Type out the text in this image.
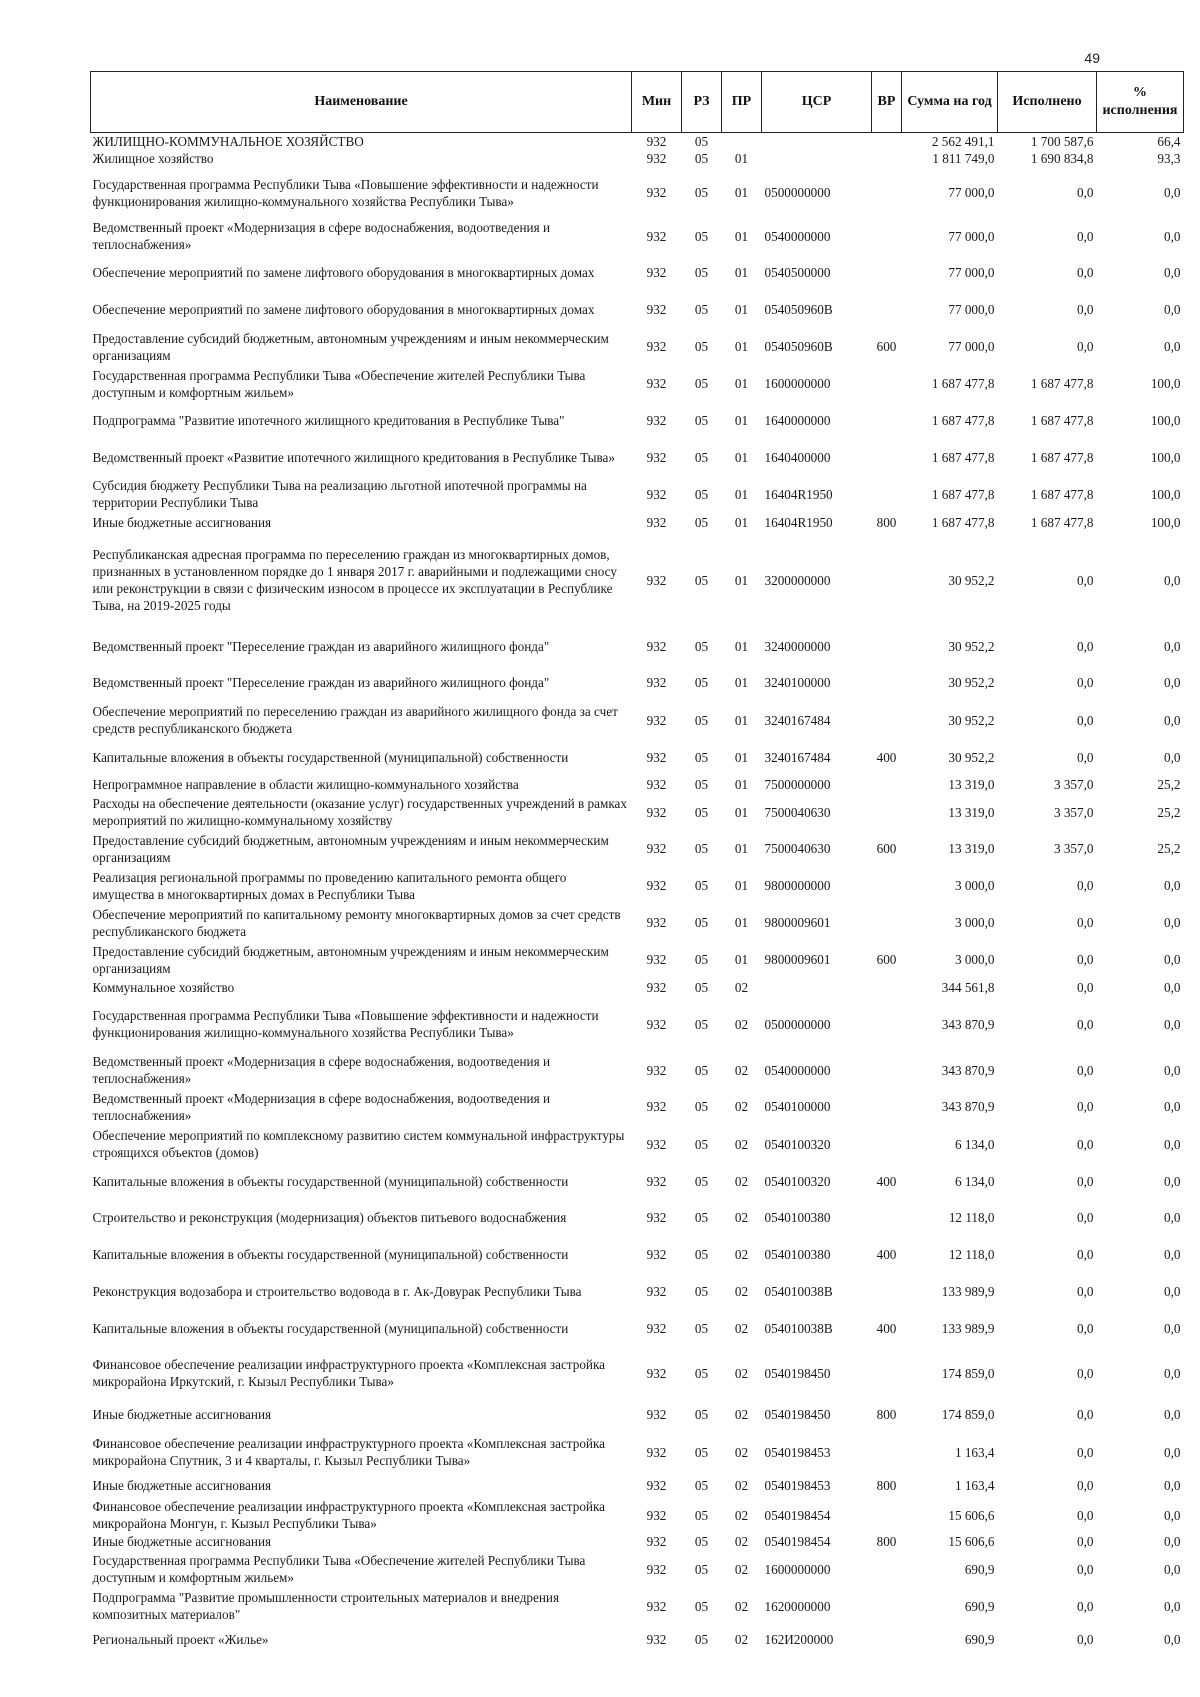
49
Наименование	Мин	РЗ	ПР	ЦСР	ВР	Сумма на год	Исполнено	% исполнения
ЖИЛИЩНО-КОММУНАЛЬНОЕ ХОЗЯЙСТВО	932	05				2 562 491,1	1 700 587,6	66,4
Жилищное хозяйство	932	05	01			1 811 749,0	1 690 834,8	93,3
Государственная программа Республики Тыва «Повышение эффективности и надежности функционирования жилищно-коммунального хозяйства Республики Тыва»	932	05	01	0500000000		77 000,0	0,0	0,0
Ведомственный проект «Модернизация в сфере водоснабжения, водоотведения и теплоснабжения»	932	05	01	0540000000		77 000,0	0,0	0,0
Обеспечение мероприятий по замене лифтового оборудования в многоквартирных домах	932	05	01	0540500000		77 000,0	0,0	0,0
Обеспечение мероприятий по замене лифтового оборудования в многоквартирных домах	932	05	01	054050960В		77 000,0	0,0	0,0
Предоставление субсидий бюджетным, автономным учреждениям и иным некоммерческим организациям	932	05	01	054050960В	600	77 000,0	0,0	0,0
Государственная программа Республики Тыва «Обеспечение жителей Республики Тыва доступным и комфортным жильем»	932	05	01	1600000000		1 687 477,8	1 687 477,8	100,0
Подпрограмма "Развитие ипотечного жилищного кредитования в Республике Тыва"	932	05	01	1640000000		1 687 477,8	1 687 477,8	100,0
Ведомственный проект «Развитие ипотечного жилищного кредитования в Республике Тыва»	932	05	01	1640400000		1 687 477,8	1 687 477,8	100,0
Субсидия бюджету Республики Тыва на реализацию льготной ипотечной программы на территории Республики Тыва	932	05	01	16404R1950		1 687 477,8	1 687 477,8	100,0
Иные бюджетные ассигнования	932	05	01	16404R1950	800	1 687 477,8	1 687 477,8	100,0
Республиканская адресная программа по переселению граждан из многоквартирных домов, признанных в установленном порядке до 1 января 2017 г. аварийными и подлежащими сносу или реконструкции в связи с физическим износом в процессе их эксплуатации в Республике Тыва, на 2019-2025 годы	932	05	01	3200000000		30 952,2	0,0	0,0
Ведомственный проект "Переселение граждан из аварийного жилищного фонда"	932	05	01	3240000000		30 952,2	0,0	0,0
Ведомственный проект "Переселение граждан из аварийного жилищного фонда"	932	05	01	3240100000		30 952,2	0,0	0,0
Обеспечение мероприятий по переселению граждан из аварийного жилищного фонда за счет средств республиканского бюджета	932	05	01	3240167484		30 952,2	0,0	0,0
Капитальные вложения в объекты государственной (муниципальной) собственности	932	05	01	3240167484	400	30 952,2	0,0	0,0
Непрограммное направление в области жилищно-коммунального хозяйства	932	05	01	7500000000		13 319,0	3 357,0	25,2
Расходы на обеспечение деятельности (оказание услуг) государственных учреждений в рамках мероприятий по жилищно-коммунальному хозяйству	932	05	01	7500040630		13 319,0	3 357,0	25,2
Предоставление субсидий бюджетным, автономным учреждениям и иным некоммерческим организациям	932	05	01	7500040630	600	13 319,0	3 357,0	25,2
Реализация региональной программы по проведению капитального ремонта общего имущества в многоквартирных домах в Республики Тыва	932	05	01	9800000000		3 000,0	0,0	0,0
Обеспечение мероприятий по капитальному ремонту многоквартирных домов за счет средств республиканского бюджета	932	05	01	9800009601		3 000,0	0,0	0,0
Предоставление субсидий бюджетным, автономным учреждениям и иным некоммерческим организациям	932	05	01	9800009601	600	3 000,0	0,0	0,0
Коммунальное хозяйство	932	05	02			344 561,8	0,0	0,0
Государственная программа Республики Тыва «Повышение эффективности и надежности функционирования жилищно-коммунального хозяйства Республики Тыва»	932	05	02	0500000000		343 870,9	0,0	0,0
Ведомственный проект «Модернизация в сфере водоснабжения, водоотведения и теплоснабжения»	932	05	02	0540000000		343 870,9	0,0	0,0
Ведомственный проект «Модернизация в сфере водоснабжения, водоотведения и теплоснабжения»	932	05	02	0540100000		343 870,9	0,0	0,0
Обеспечение мероприятий по комплексному развитию систем коммунальной инфраструктуры строящихся объектов (домов)	932	05	02	0540100320		6 134,0	0,0	0,0
Капитальные вложения в объекты государственной (муниципальной) собственности	932	05	02	0540100320	400	6 134,0	0,0	0,0
Строительство и реконструкция (модернизация) объектов питьевого водоснабжения	932	05	02	0540100380		12 118,0	0,0	0,0
Капитальные вложения в объекты государственной (муниципальной) собственности	932	05	02	0540100380	400	12 118,0	0,0	0,0
Реконструкция водозабора и строительство водовода в г. Ак-Довурак Республики Тыва	932	05	02	054010038В		133 989,9	0,0	0,0
Капитальные вложения в объекты государственной (муниципальной) собственности	932	05	02	054010038В	400	133 989,9	0,0	0,0
Финансовое обеспечение реализации инфраструктурного проекта «Комплексная застройка микрорайона Иркутский, г. Кызыл Республики Тыва»	932	05	02	0540198450		174 859,0	0,0	0,0
Иные бюджетные ассигнования	932	05	02	0540198450	800	174 859,0	0,0	0,0
Финансовое обеспечение реализации инфраструктурного проекта «Комплексная застройка микрорайона Спутник, 3 и 4 кварталы, г. Кызыл Республики Тыва»	932	05	02	0540198453		1 163,4	0,0	0,0
Иные бюджетные ассигнования	932	05	02	0540198453	800	1 163,4	0,0	0,0
Финансовое обеспечение реализации инфраструктурного проекта «Комплексная застройка микрорайона Монгун, г. Кызыл Республики Тыва»	932	05	02	0540198454		15 606,6	0,0	0,0
Иные бюджетные ассигнования	932	05	02	0540198454	800	15 606,6	0,0	0,0
Государственная программа Республики Тыва «Обеспечение жителей Республики Тыва доступным и комфортным жильем»	932	05	02	1600000000		690,9	0,0	0,0
Подпрограмма "Развитие промышленности строительных материалов и внедрения композитных материалов"	932	05	02	1620000000		690,9	0,0	0,0
Региональный проект «Жилье»	932	05	02	162И200000		690,9	0,0	0,0
